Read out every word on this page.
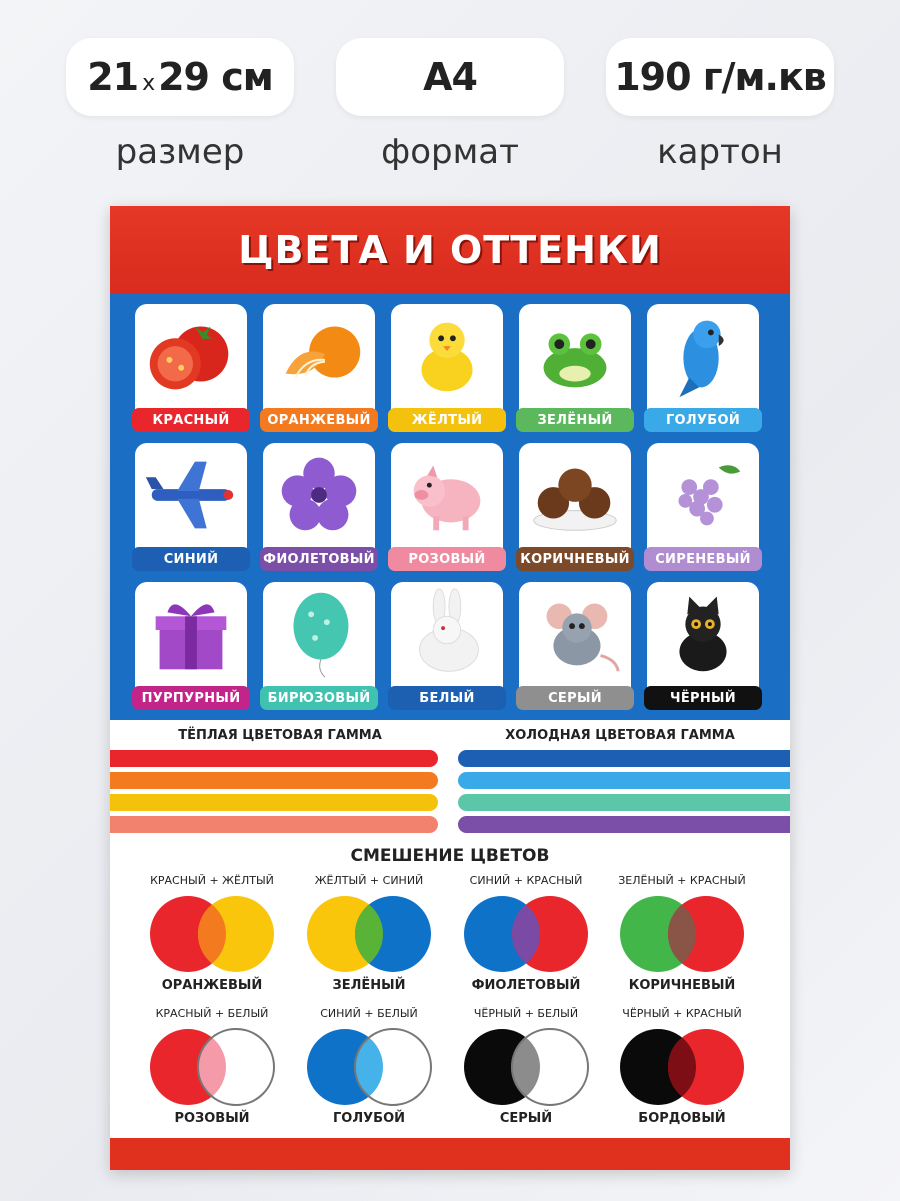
21 x 29 см
размер
А4
формат
190 г/м.кв
картон
ЦВЕТА И ОТТЕНКИ
КРАСНЫЙ	ОРАНЖЕВЫЙ	ЖЁЛТЫЙ	ЗЕЛЁНЫЙ	ГОЛУБОЙ
СИНИЙ	ФИОЛЕТОВЫЙ	РОЗОВЫЙ	КОРИЧНЕВЫЙ	СИРЕНЕВЫЙ
ПУРПУРНЫЙ	БИРЮЗОВЫЙ	БЕЛЫЙ	СЕРЫЙ	ЧЁРНЫЙ
ТЁПЛАЯ ЦВЕТОВАЯ ГАММА	ХОЛОДНАЯ ЦВЕТОВАЯ ГАММА
СМЕШЕНИЕ ЦВЕТОВ
КРАСНЫЙ + ЖЁЛТЫЙ
ОРАНЖЕВЫЙ
ЖЁЛТЫЙ + СИНИЙ
ЗЕЛЁНЫЙ
СИНИЙ + КРАСНЫЙ
ФИОЛЕТОВЫЙ
ЗЕЛЁНЫЙ + КРАСНЫЙ
КОРИЧНЕВЫЙ
КРАСНЫЙ + БЕЛЫЙ
РОЗОВЫЙ
СИНИЙ + БЕЛЫЙ
ГОЛУБОЙ
ЧЁРНЫЙ + БЕЛЫЙ
СЕРЫЙ
ЧЁРНЫЙ + КРАСНЫЙ
БОРДОВЫЙ
